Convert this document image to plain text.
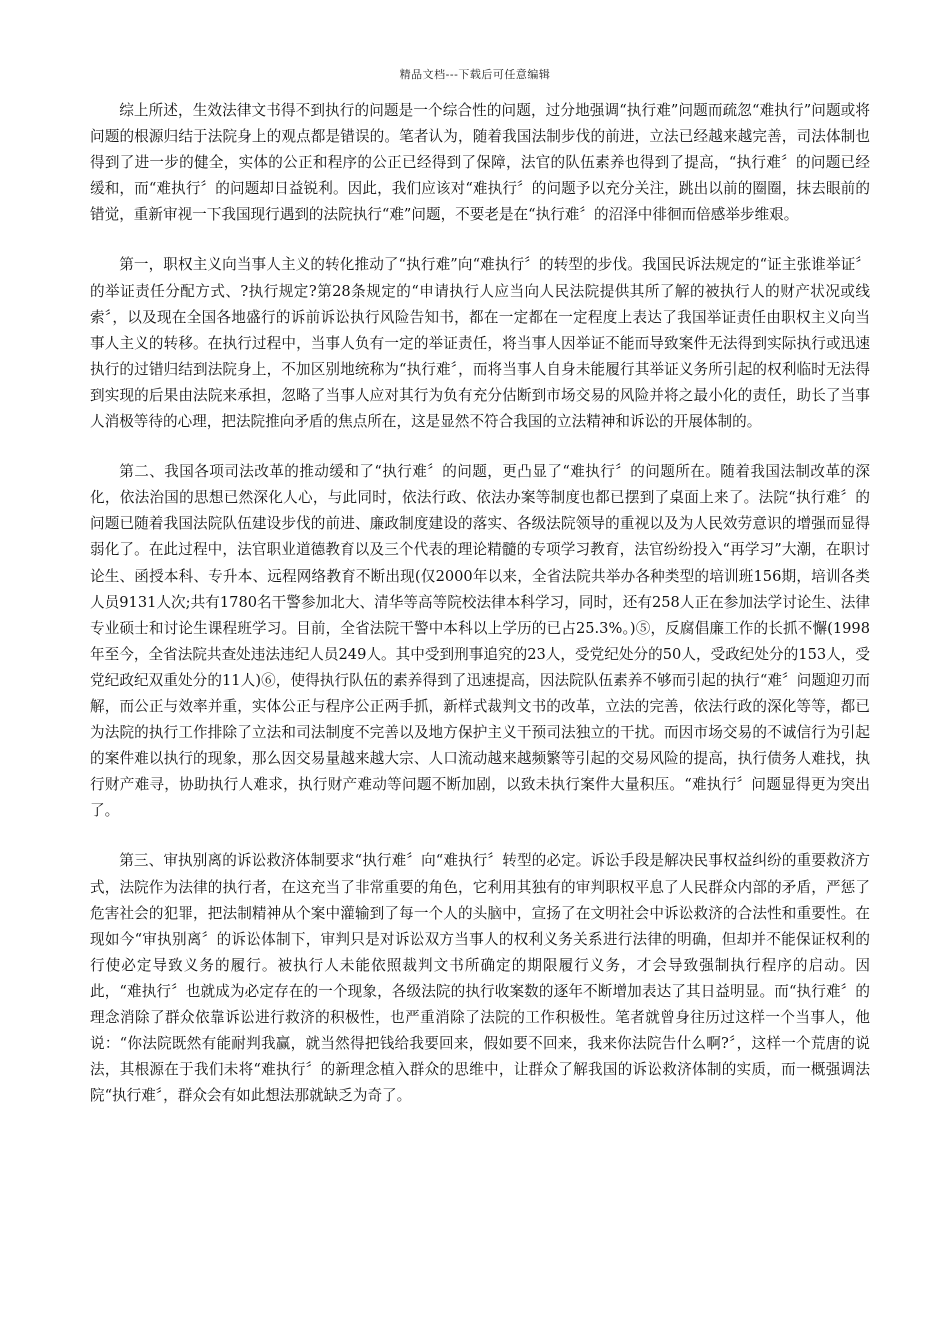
精品文档---下载后可任意编辑

综上所述，生效法律文书得不到执行的问题是一个综合性的问题，过分地强调“执行难”问题而疏忽“难执行”问题或将问题的根源归结于法院身上的观点都是错误的。笔者认为，随着我国法制步伐的前进，立法已经越来越完善，司法体制也得到了进一步的健全，实体的公正和程序的公正已经得到了保障，法官的队伍素养也得到了提高，“执行难〞的问题已经缓和，而“难执行〞的问题却日益锐利。因此，我们应该对“难执行〞的问题予以充分关注，跳出以前的圈圈，抹去眼前的错觉，重新审视一下我国现行遇到的法院执行“难”问题，不要老是在“执行难〞的沼泽中徘徊而倍感举步维艰。

第一，职权主义向当事人主义的转化推动了“执行难”向“难执行〞的转型的步伐。我国民诉法规定的“证主张谁举证〞的举证责任分配方式、?执行规定?第28条规定的“申请执行人应当向人民法院提供其所了解的被执行人的财产状况或线索〞，以及现在全国各地盛行的诉前诉讼执行风险告知书，都在一定都在一定程度上表达了我国举证责任由职权主义向当事人主义的转移。在执行过程中，当事人负有一定的举证责任，将当事人因举证不能而导致案件无法得到实际执行或迅速执行的过错归结到法院身上，不加区别地统称为“执行难〞，而将当事人自身未能履行其举证义务所引起的权利临时无法得到实现的后果由法院来承担，忽略了当事人应对其行为负有充分估断到市场交易的风险并将之最小化的责任，助长了当事人消极等待的心理，把法院推向矛盾的焦点所在，这是显然不符合我国的立法精神和诉讼的开展体制的。

第二、我国各项司法改革的推动缓和了“执行难〞的问题，更凸显了“难执行〞的问题所在。随着我国法制改革的深化，依法治国的思想已然深化人心，与此同时，依法行政、依法办案等制度也都已摆到了桌面上来了。法院“执行难〞的问题已随着我国法院队伍建设步伐的前进、廉政制度建设的落实、各级法院领导的重视以及为人民效劳意识的增强而显得弱化了。在此过程中，法官职业道德教育以及三个代表的理论精髓的专项学习教育，法官纷纷投入“再学习”大潮，在职讨论生、函授本科、专升本、远程网络教育不断出现(仅2000年以来，全省法院共举办各种类型的培训班156期，培训各类人员9131人次;共有1780名干警参加北大、清华等高等院校法律本科学习，同时，还有258人正在参加法学讨论生、法律专业硕士和讨论生课程班学习。目前，全省法院干警中本科以上学历的已占25.3%。)⑤，反腐倡廉工作的长抓不懈(1998年至今，全省法院共查处违法违纪人员249人。其中受到刑事追究的23人，受党纪处分的50人，受政纪处分的153人，受党纪政纪双重处分的11人)⑥，使得执行队伍的素养得到了迅速提高，因法院队伍素养不够而引起的执行“难〞问题迎刃而解，而公正与效率并重，实体公正与程序公正两手抓，新样式裁判文书的改革，立法的完善，依法行政的深化等等，都已为法院的执行工作排除了立法和司法制度不完善以及地方保护主义干预司法独立的干扰。而因市场交易的不诚信行为引起的案件难以执行的现象，那么因交易量越来越大宗、人口流动越来越频繁等引起的交易风险的提高，执行债务人难找，执行财产难寻，协助执行人难求，执行财产难动等问题不断加剧，以致未执行案件大量积压。“难执行〞问题显得更为突出了。

第三、审执别离的诉讼救济体制要求“执行难〞向“难执行〞转型的必定。诉讼手段是解决民事权益纠纷的重要救济方式，法院作为法律的执行者，在这充当了非常重要的角色，它利用其独有的审判职权平息了人民群众内部的矛盾，严惩了危害社会的犯罪，把法制精神从个案中灌输到了每一个人的头脑中，宣扬了在文明社会中诉讼救济的合法性和重要性。在现如今“审执别离〞的诉讼体制下，审判只是对诉讼双方当事人的权利义务关系进行法律的明确，但却并不能保证权利的行使必定导致义务的履行。被执行人未能依照裁判文书所确定的期限履行义务，才会导致强制执行程序的启动。因此，“难执行〞也就成为必定存在的一个现象，各级法院的执行收案数的逐年不断增加表达了其日益明显。而“执行难〞的理念消除了群众依靠诉讼进行救济的积极性，也严重消除了法院的工作积极性。笔者就曾身往历过这样一个当事人，他说：“你法院既然有能耐判我赢，就当然得把钱给我要回来，假如要不回来，我来你法院告什么啊?〞，这样一个荒唐的说法，其根源在于我们未将“难执行〞的新理念植入群众的思维中，让群众了解我国的诉讼救济体制的实质，而一概强调法院“执行难〞，群众会有如此想法那就缺乏为奇了。
